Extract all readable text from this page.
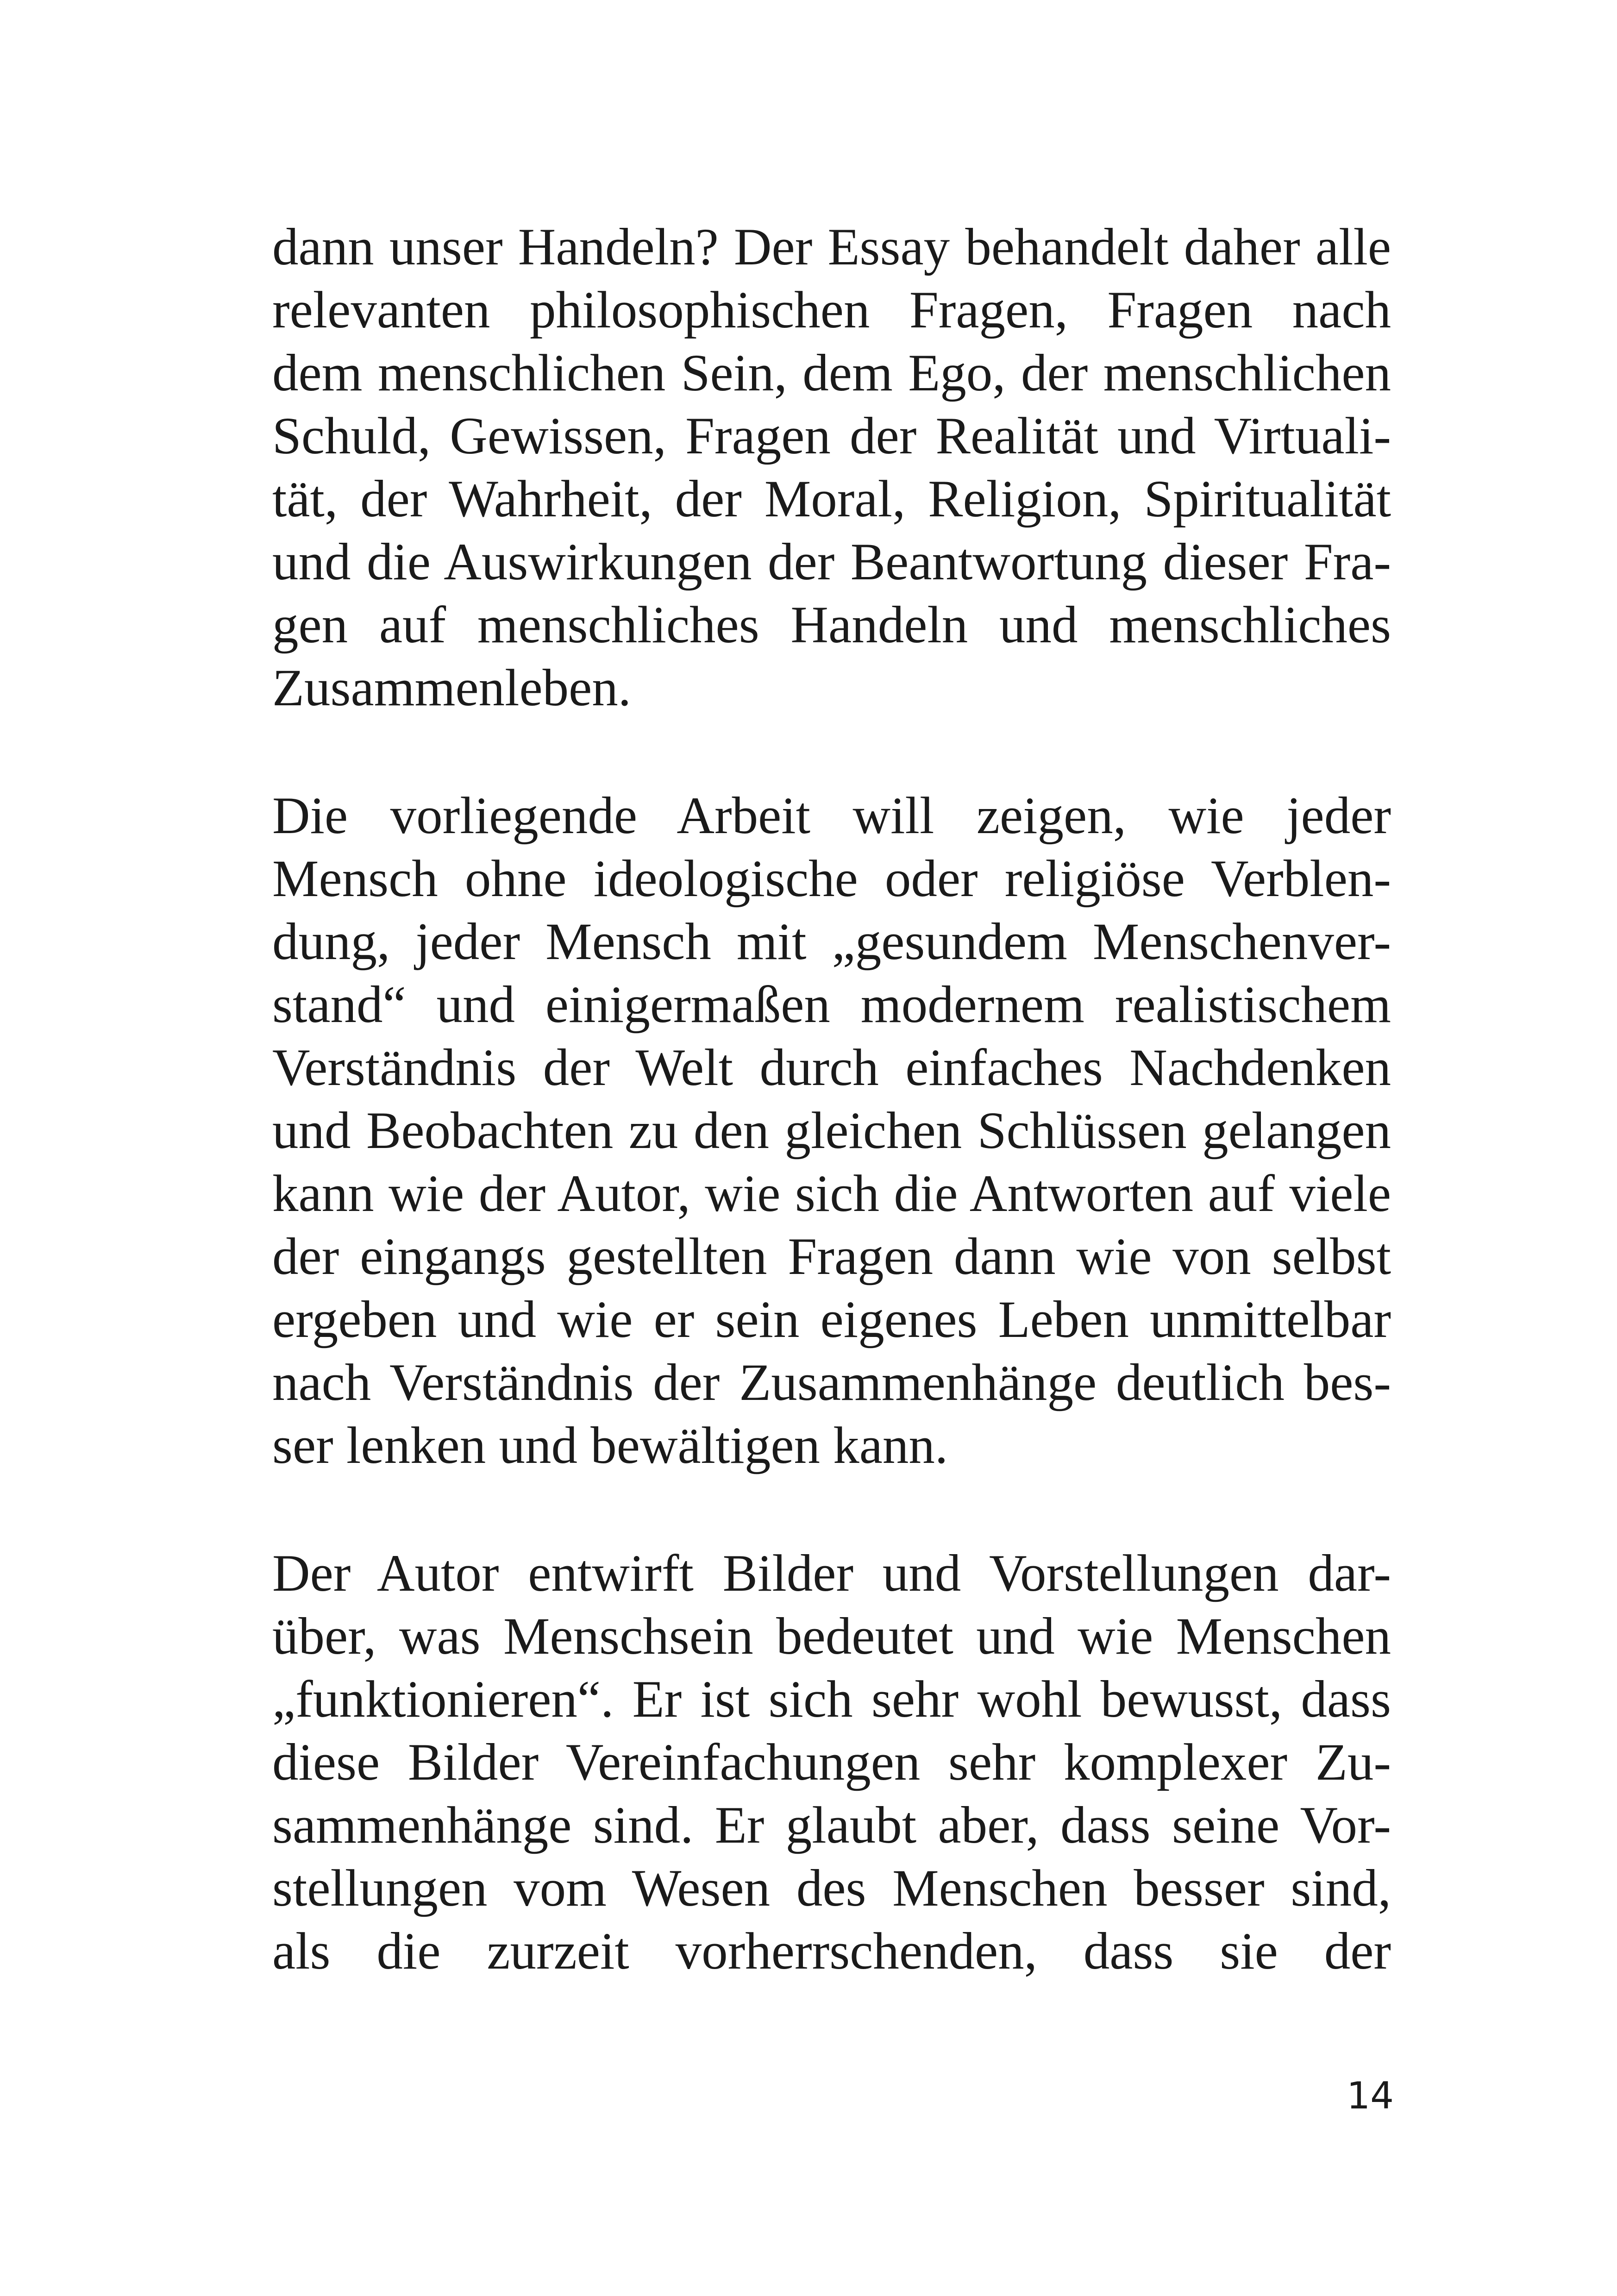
dann unser Handeln? Der Essay behandelt daher alle
relevanten philosophischen Fragen, Fragen nach
dem menschlichen Sein, dem Ego, der menschlichen
Schuld, Gewissen, Fragen der Realität und Virtuali-
tät, der Wahrheit, der Moral, Religion, Spiritualität
und die Auswirkungen der Beantwortung dieser Fra-
gen auf menschliches Handeln und menschliches
Zusammenleben.
Die vorliegende Arbeit will zeigen, wie jeder
Mensch ohne ideologische oder religiöse Verblen-
dung, jeder Mensch mit „gesundem Menschenver-
stand“ und einigermaßen modernem realistischem
Verständnis der Welt durch einfaches Nachdenken
und Beobachten zu den gleichen Schlüssen gelangen
kann wie der Autor, wie sich die Antworten auf viele
der eingangs gestellten Fragen dann wie von selbst
ergeben und wie er sein eigenes Leben unmittelbar
nach Verständnis der Zusammenhänge deutlich bes-
ser lenken und bewältigen kann.
Der Autor entwirft Bilder und Vorstellungen dar-
über, was Menschsein bedeutet und wie Menschen
„funktionieren“. Er ist sich sehr wohl bewusst, dass
diese Bilder Vereinfachungen sehr komplexer Zu-
sammenhänge sind. Er glaubt aber, dass seine Vor-
stellungen vom Wesen des Menschen besser sind,
als die zurzeit vorherrschenden, dass sie der
14
